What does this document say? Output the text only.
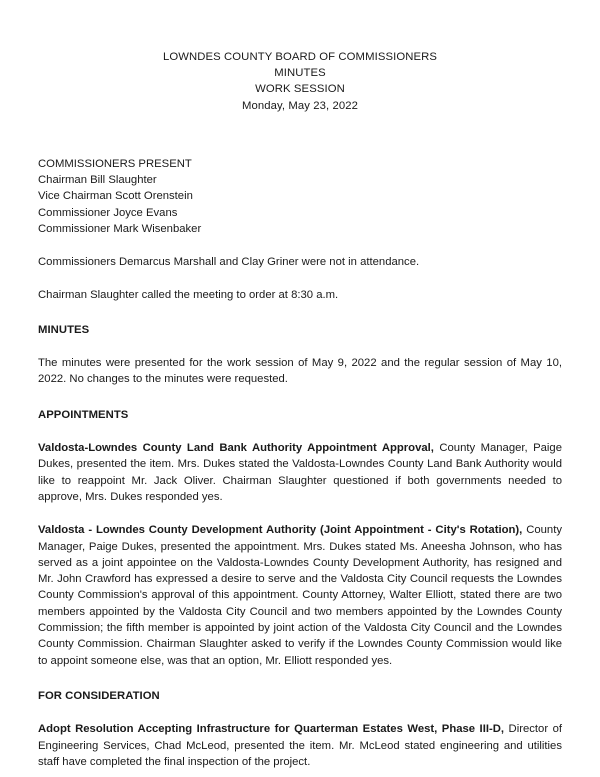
LOWNDES COUNTY BOARD OF COMMISSIONERS
MINUTES
WORK SESSION
Monday, May 23, 2022
COMMISSIONERS PRESENT
Chairman Bill Slaughter
Vice Chairman Scott Orenstein
Commissioner Joyce Evans
Commissioner Mark Wisenbaker

Commissioners Demarcus Marshall and Clay Griner were not in attendance.

Chairman Slaughter called the meeting to order at 8:30 a.m.

MINUTES

The minutes were presented for the work session of May 9, 2022 and the regular session of May 10, 2022. No changes to the minutes were requested.

APPOINTMENTS

Valdosta-Lowndes County Land Bank Authority Appointment Approval, County Manager, Paige Dukes, presented the item. Mrs. Dukes stated the Valdosta-Lowndes County Land Bank Authority would like to reappoint Mr. Jack Oliver. Chairman Slaughter questioned if both governments needed to approve, Mrs. Dukes responded yes.

Valdosta - Lowndes County Development Authority (Joint Appointment - City's Rotation), County Manager, Paige Dukes, presented the appointment. Mrs. Dukes stated Ms. Aneesha Johnson, who has served as a joint appointee on the Valdosta-Lowndes County Development Authority, has resigned and Mr. John Crawford has expressed a desire to serve and the Valdosta City Council requests the Lowndes County Commission's approval of this appointment. County Attorney, Walter Elliott, stated there are two members appointed by the Valdosta City Council and two members appointed by the Lowndes County Commission; the fifth member is appointed by joint action of the Valdosta City Council and the Lowndes County Commission. Chairman Slaughter asked to verify if the Lowndes County Commission would like to appoint someone else, was that an option, Mr. Elliott responded yes.

FOR CONSIDERATION

Adopt Resolution Accepting Infrastructure for Quarterman Estates West, Phase III-D, Director of Engineering Services, Chad McLeod, presented the item. Mr. McLeod stated engineering and utilities staff have completed the final inspection of the project.
